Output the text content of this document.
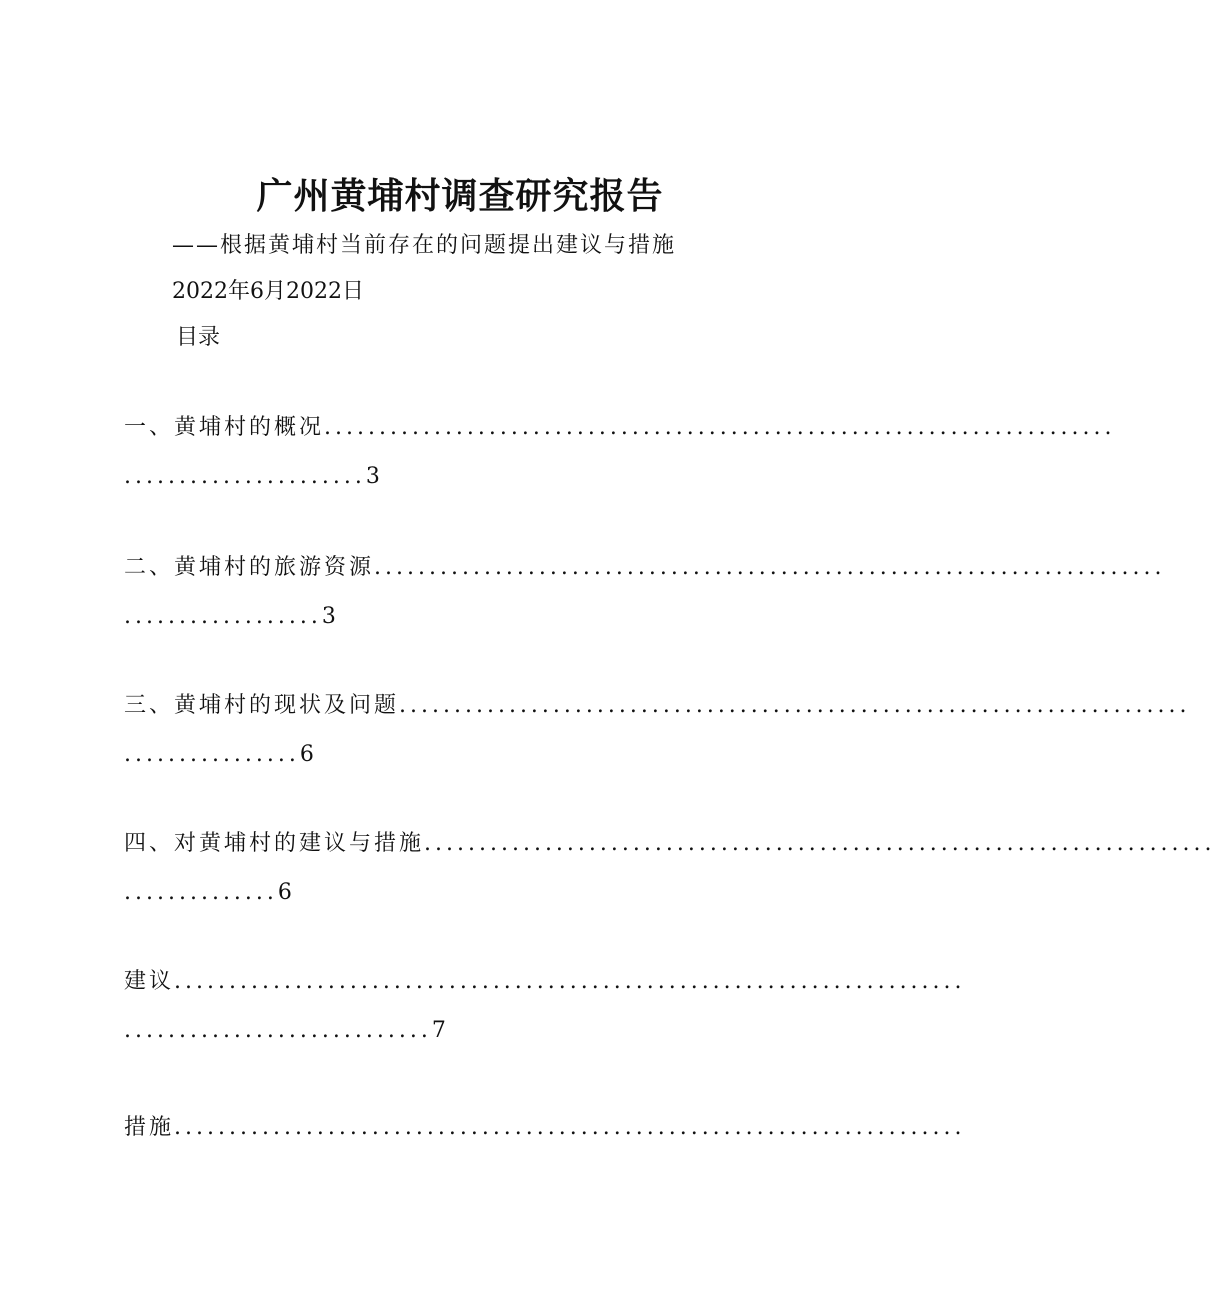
广州黄埔村调查研究报告
——根据黄埔村当前存在的问题提出建议与措施
2022年6月2022日
目录
一、黄埔村的概况 ........................................................................
......................3
二、黄埔村的旅游资源 ........................................................................
..................3
三、黄埔村的现状及问题 ........................................................................
................6
四、对黄埔村的建议与措施 ........................................................................
..............6
建议 ........................................................................
............................7
措施 ........................................................................
